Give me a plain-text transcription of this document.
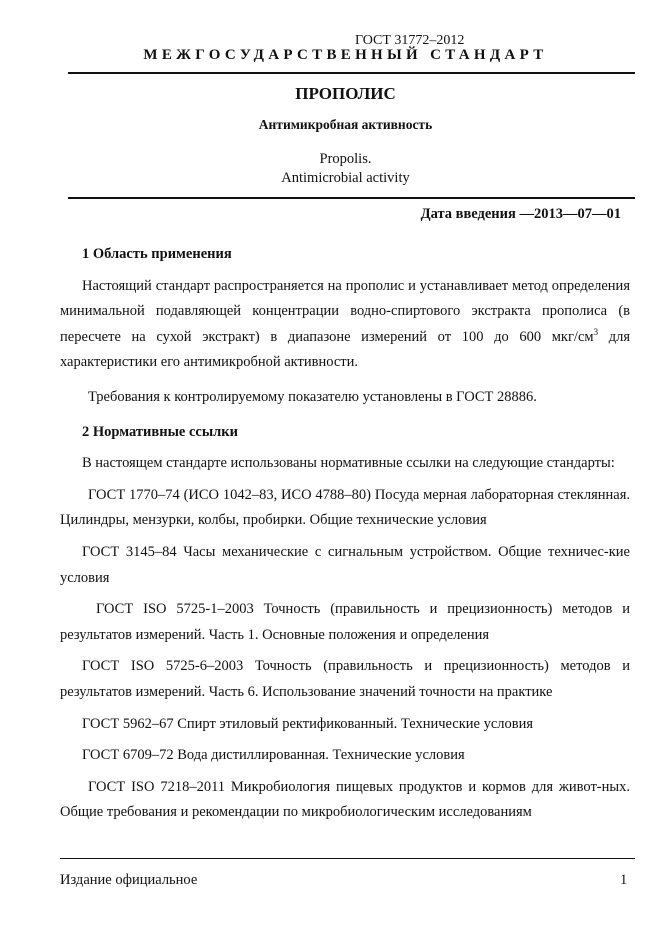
ГОСТ 31772–2012
МЕЖГОСУДАРСТВЕННЫЙ СТАНДАРТ
ПРОПОЛИС
Антимикробная активность
Propolis.
Antimicrobial activity
Дата введения —2013—07—01
1 Область применения

Настоящий стандарт распространяется на прополис и устанавливает метод определения минимальной подавляющей концентрации водно-спиртового экстракта прополиса (в пересчете на сухой экстракт) в диапазоне измерений от 100 до 600 мкг/$см^3$ для характеристики его антимикробной активности.

Требования к контролируемому показателю установлены в ГОСТ 28886.

2 Нормативные ссылки

В настоящем стандарте использованы нормативные ссылки на следующие стандарты:

ГОСТ 1770–74 (ИСО 1042–83, ИСО 4788–80) Посуда мерная лабораторная стеклянная. Цилиндры, мензурки, колбы, пробирки. Общие технические условия

ГОСТ 3145–84 Часы механические с сигнальным устройством. Общие техничес-кие условия

ГОСТ ISO 5725-1–2003 Точность (правильность и прецизионность) методов и результатов измерений. Часть 1. Основные положения и определения

ГОСТ ISO 5725-6–2003 Точность (правильность и прецизионность) методов и результатов измерений. Часть 6. Использование значений точности на практике

ГОСТ 5962–67 Спирт этиловый ректификованный. Технические условия

ГОСТ 6709–72 Вода дистиллированная. Технические условия

ГОСТ ISO 7218–2011 Микробиология пищевых продуктов и кормов для живот-ных. Общие требования и рекомендации по микробиологическим исследованиям

Издание официальное	1
